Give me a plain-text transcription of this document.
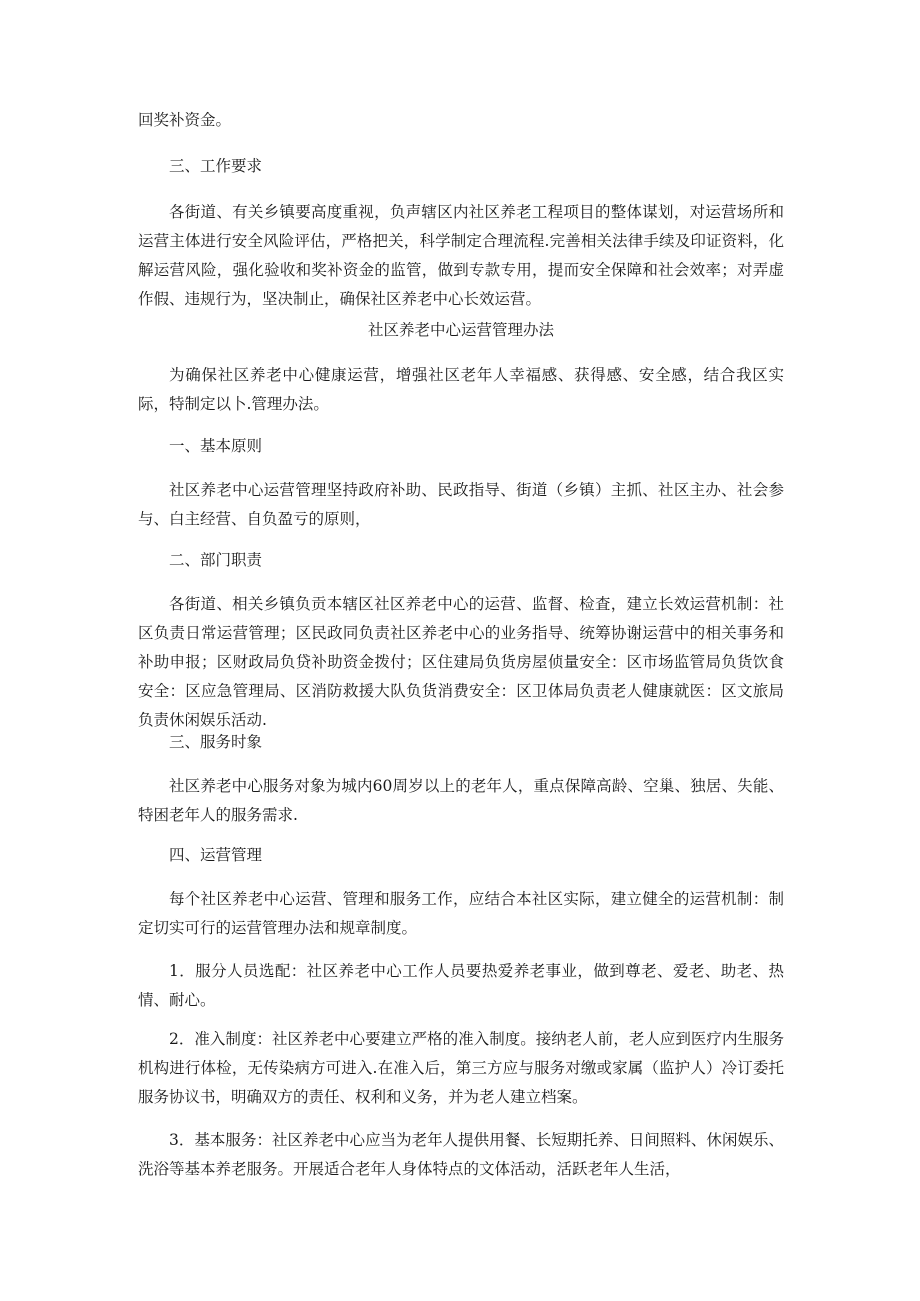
回奖补资金。

三、工作要求

各街道、有关乡镇要高度重视，负声辖区内社区养老工程项目的整体谋划，对运营场所和运营主体进行安全风险评估，严格把关，科学制定合理流程.完善相关法律手续及印证资料，化解运营风险，强化验收和奖补资金的监管，做到专款专用，提而安全保障和社会效率；对弄虚作假、违规行为，坚决制止，确保社区养老中心长效运营。

社区养老中心运营管理办法

为确保社区养老中心健康运营，增强社区老年人幸福感、获得感、安全感，结合我区实际，特制定以卜.管理办法。

一、基本原则

社区养老中心运营管理坚持政府补助、民政指导、街道（乡镇）主抓、社区主办、社会参与、白主经营、自负盈亏的原则，

二、部门职责

各街道、相关乡镇负贡本辖区社区养老中心的运营、监督、检査，建立长效运营机制：社区负责日常运营管理；区民政同负责社区养老中心的业务指导、统筹协谢运营中的相关事务和补助申报；区财政局负贷补助资金拨付；区住建局负货房屋侦量安全：区市场监管局负货饮食安全：区应急管理局、区消防救援大队负货消费安全：区卫体局负责老人健康就医：区文旅局负责休闲娱乐活动.

三、服务时象

社区养老中心服务对象为城内60周岁以上的老年人，重点保障高龄、空巢、独居、失能、特困老年人的服务需求.

四、运营管理

每个社区养老中心运营、管理和服务工作，应结合本社区实际，建立健全的运营机制：制定切实可行的运营管理办法和规章制度。

1．服分人员选配：社区养老中心工作人员要热爱养老事业，做到尊老、爱老、助老、热情、耐心。

2．准入制度：社区养老中心要建立严格的准入制度。接纳老人前，老人应到医疗内生服务机构进行体检，无传染病方可进入.在准入后，第三方应与服务对缴或家属（监护人）冷订委托服务协议书，明确双方的责任、权利和义务，并为老人建立档案。

3．基本服务：社区养老中心应当为老年人提供用餐、长短期托养、日间照料、休闲娱乐、洗浴等基本养老服务。开展适合老年人身体特点的文体活动，活跃老年人生活，
